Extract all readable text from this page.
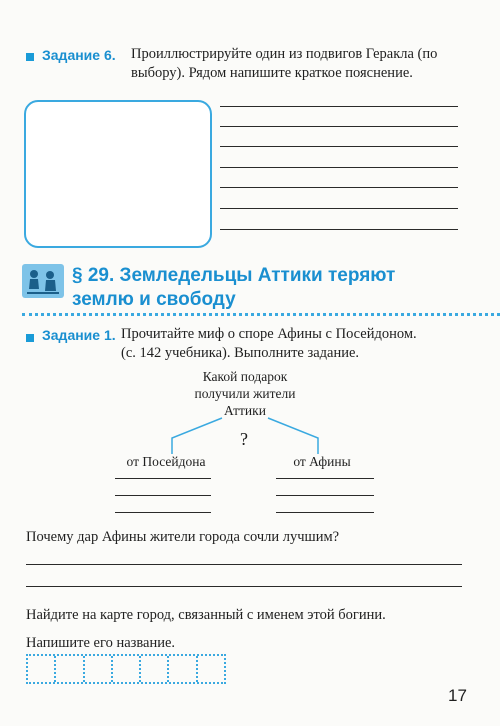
Задание 6. Проиллюстрируйте один из подвигов Геракла (по
выбору). Рядом напишите краткое пояснение.
§ 29. Земледельцы Аттики теряют
землю и свободу
Задание 1. Прочитайте миф о споре Афины с Посейдоном.
(с. 142 учебника). Выполните задание.
Какой подарок
получили жители
Аттики
?
от Посейдона	от Афины
Почему дар Афины жители города сочли лучшим?
Найдите на карте город, связанный с именем этой богини.
Напишите его название.
17
